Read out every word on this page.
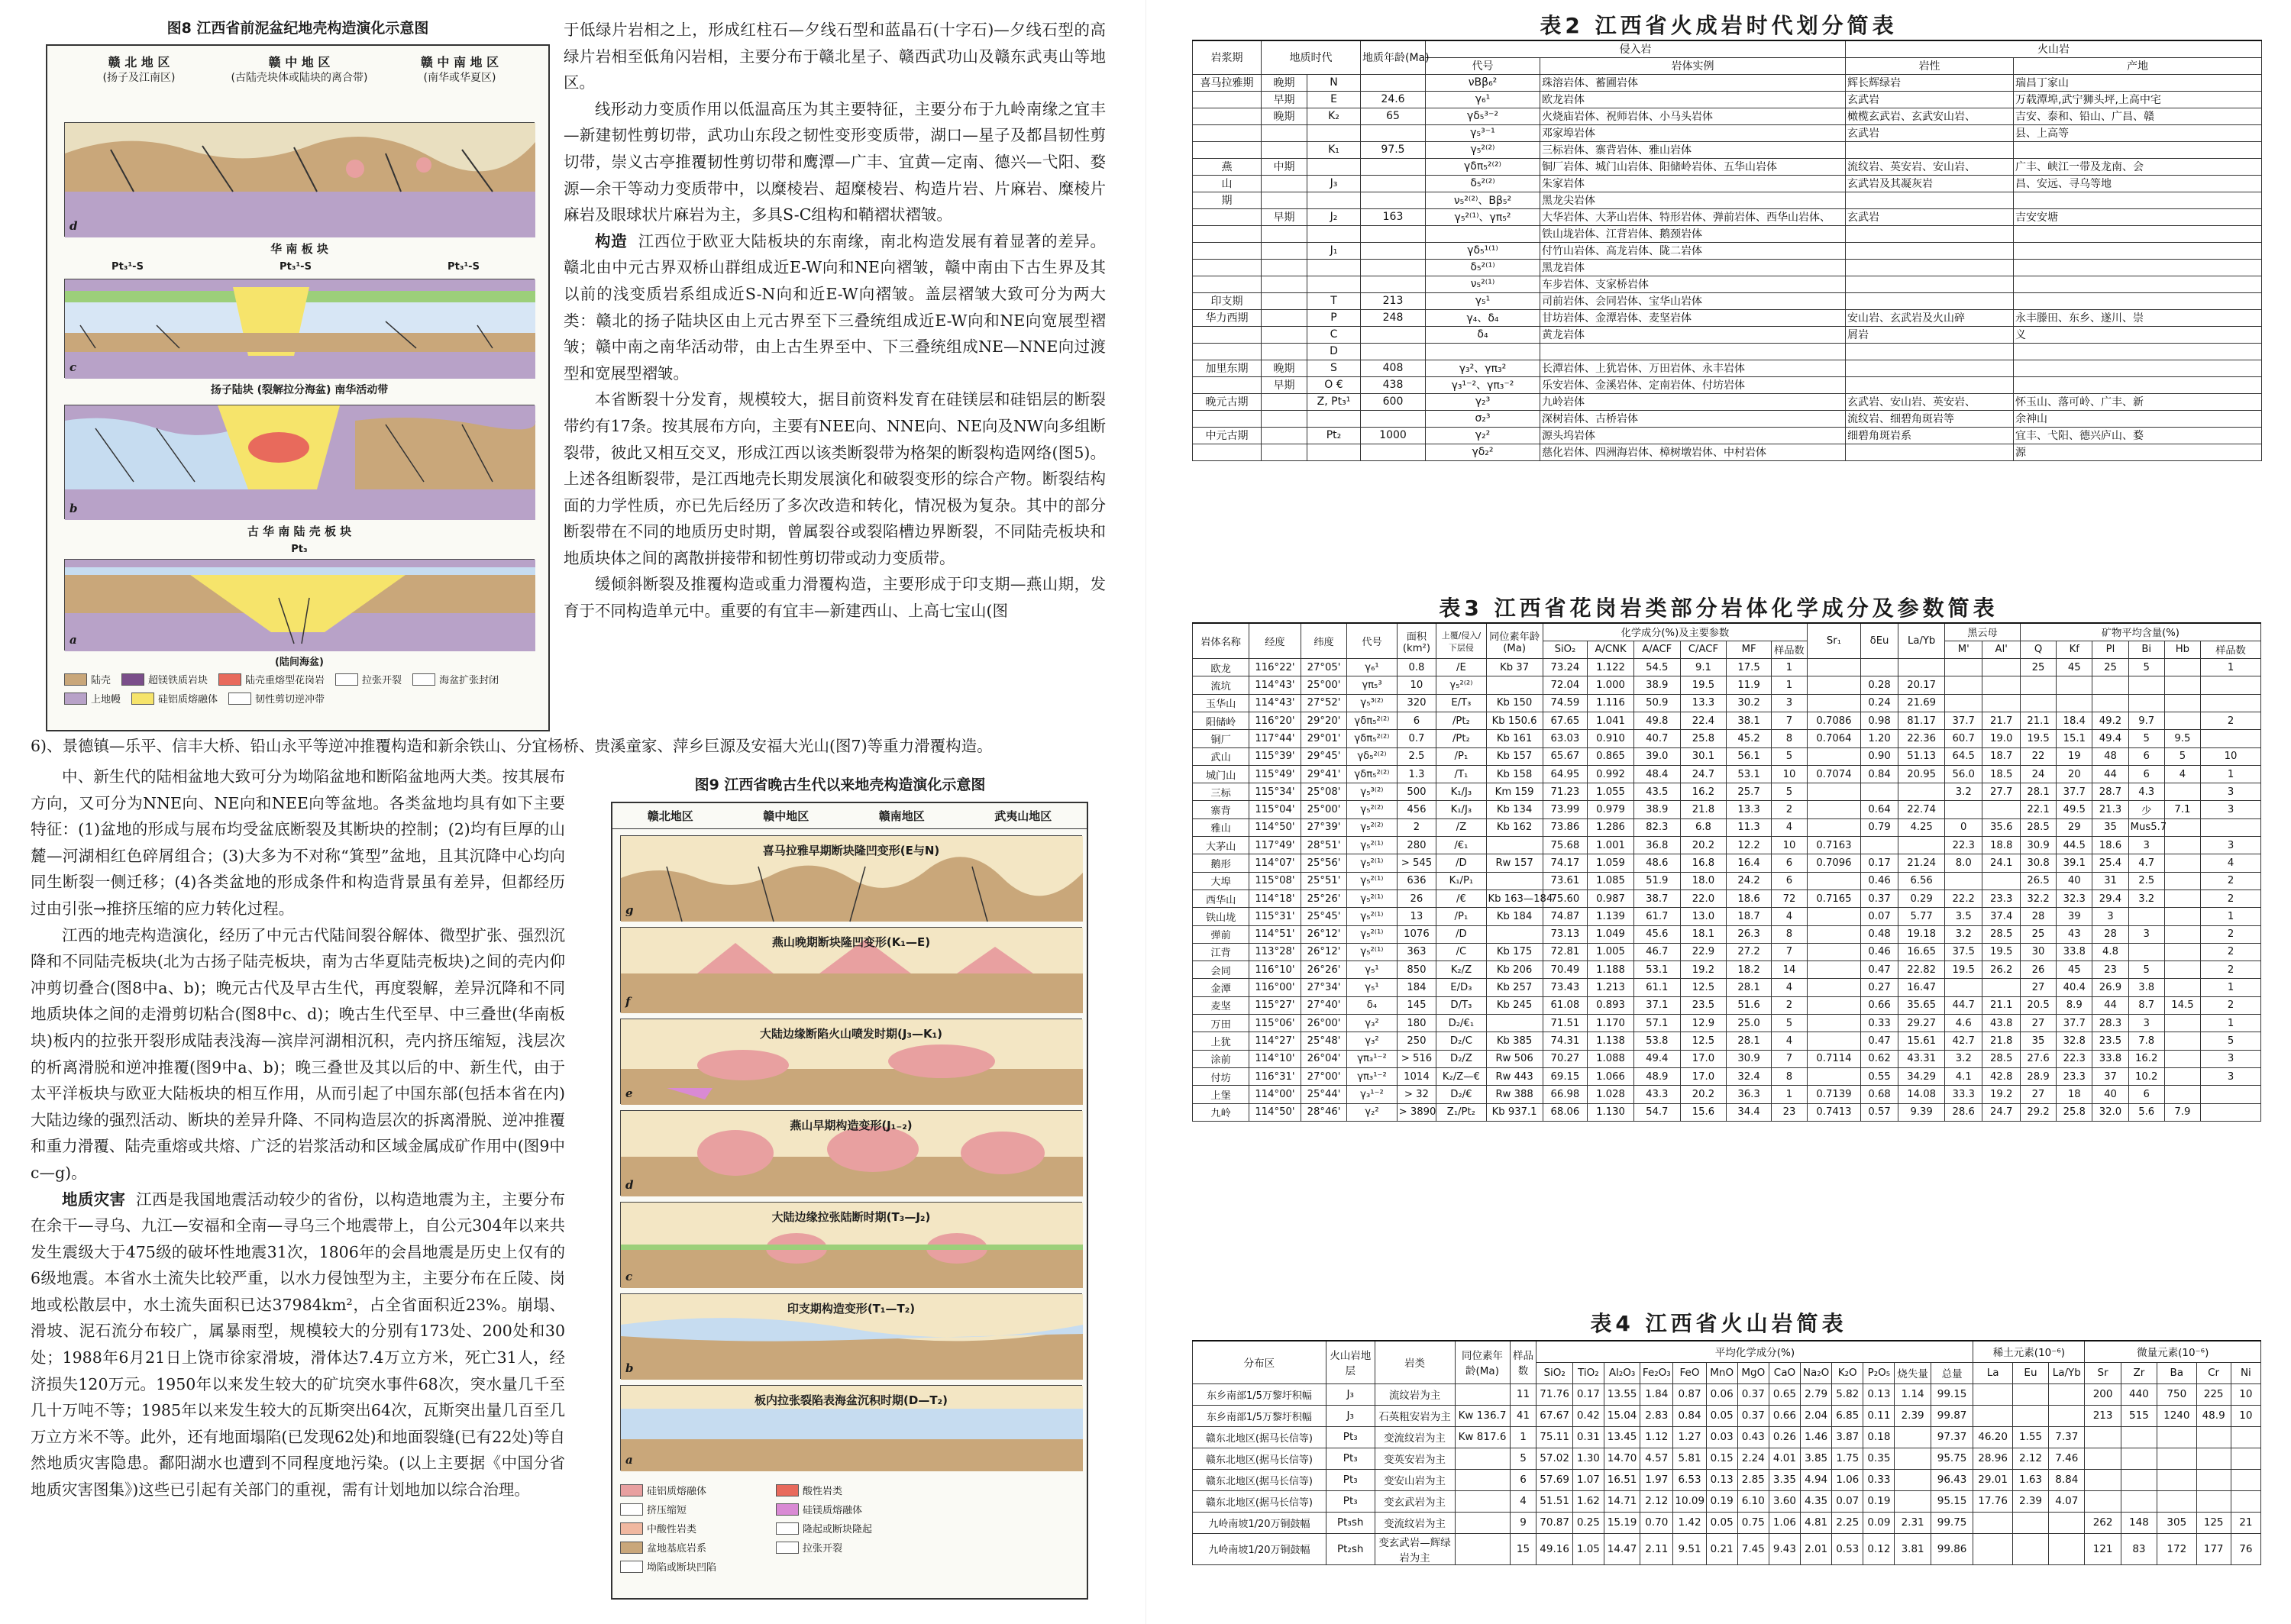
图8 江西省前泥盆纪地壳构造演化示意图
赣 北 地 区
(扬子及江南区)
赣 中 地 区
(古陆壳块体或陆块的离合带)
赣 中 南 地 区
(南华或华夏区)
d
华 南 板 块
Pt₃¹-S	Pt₃¹-S	Pt₃¹-S
c
扬子陆块 (裂解拉分海盆) 南华活动带
b
古 华 南 陆 壳 板 块
Pt₃
a
(陆间海盆)
陆壳	超镁铁质岩块	陆壳重熔型花岗岩	拉张开裂	海盆扩张封闭
上地幔	硅铝质熔融体	韧性剪切逆冲带

于低绿片岩相之上，形成红柱石—夕线石型和蓝晶石(十字石)—夕线石型的高绿片岩相至低角闪岩相，主要分布于赣北星子、赣西武功山及赣东武夷山等地区。

线形动力变质作用以低温高压为其主要特征，主要分布于九岭南缘之宜丰—新建韧性剪切带，武功山东段之韧性变形变质带，湖口—星子及都昌韧性剪切带，崇义古亭推覆韧性剪切带和鹰潭—广丰、宜黄—定南、德兴—弋阳、婺源—余干等动力变质带中，以糜棱岩、超糜棱岩、构造片岩、片麻岩、糜棱片麻岩及眼球状片麻岩为主，多具S-C组构和鞘褶状褶皱。

构造 江西位于欧亚大陆板块的东南缘，南北构造发展有着显著的差异。赣北由中元古界双桥山群组成近E-W向和NE向褶皱，赣中南由下古生界及其以前的浅变质岩系组成近S-N向和近E-W向褶皱。盖层褶皱大致可分为两大类：赣北的扬子陆块区由上元古界至下三叠统组成近E-W向和NE向宽展型褶皱；赣中南之南华活动带，由上古生界至中、下三叠统组成NE—NNE向过渡型和宽展型褶皱。

本省断裂十分发育，规模较大，据目前资料发育在硅镁层和硅铝层的断裂带约有17条。按其展布方向，主要有NEE向、NNE向、NE向及NW向多组断裂带，彼此又相互交叉，形成江西以该类断裂带为格架的断裂构造网络(图5)。上述各组断裂带，是江西地壳长期发展演化和破裂变形的综合产物。断裂结构面的力学性质，亦已先后经历了多次改造和转化，情况极为复杂。其中的部分断裂带在不同的地质历史时期，曾属裂谷或裂陷槽边界断裂，不同陆壳板块和地质块体之间的离散拼接带和韧性剪切带或动力变质带。

缓倾斜断裂及推覆构造或重力滑覆构造，主要形成于印支期—燕山期，发育于不同构造单元中。重要的有宜丰—新建西山、上高七宝山(图

6)、景德镇—乐平、信丰大桥、铅山永平等逆冲推覆构造和新余铁山、分宜杨桥、贵溪童家、萍乡巨源及安福大光山(图7)等重力滑覆构造。

中、新生代的陆相盆地大致可分为坳陷盆地和断陷盆地两大类。按其展布方向，又可分为NNE向、NE向和NEE向等盆地。各类盆地均具有如下主要特征：(1)盆地的形成与展布均受盆底断裂及其断块的控制；(2)均有巨厚的山麓—河湖相红色碎屑组合；(3)大多为不对称“箕型”盆地，且其沉降中心均向同生断裂一侧迁移；(4)各类盆地的形成条件和构造背景虽有差异，但都经历过由引张→推挤压缩的应力转化过程。

江西的地壳构造演化，经历了中元古代陆间裂谷解体、微型扩张、强烈沉降和不同陆壳板块(北为古扬子陆壳板块，南为古华夏陆壳板块)之间的壳内仰冲剪切叠合(图8中a、b)；晚元古代及早古生代，再度裂解，差异沉降和不同地质块体之间的走滑剪切粘合(图8中c、d)；晚古生代至早、中三叠世(华南板块)板内的拉张开裂形成陆表浅海—滨岸河湖相沉积，壳内挤压缩短，浅层次的析离滑脱和逆冲推覆(图9中a、b)；晚三叠世及其以后的中、新生代，由于太平洋板块与欧亚大陆板块的相互作用，从而引起了中国东部(包括本省在内)大陆边缘的强烈活动、断块的差异升降、不同构造层次的拆离滑脱、逆冲推覆和重力滑覆、陆壳重熔或共熔、广泛的岩浆活动和区域金属成矿作用中(图9中c—g)。

地质灾害 江西是我国地震活动较少的省份，以构造地震为主，主要分布在余干—寻乌、九江—安福和全南—寻乌三个地震带上，自公元304年以来共发生震级大于475级的破坏性地震31次，1806年的会昌地震是历史上仅有的6级地震。本省水土流失比较严重，以水力侵蚀型为主，主要分布在丘陵、岗地或松散层中，水土流失面积已达37984km²，占全省面积近23%。崩塌、滑坡、泥石流分布较广，属暴雨型，规模较大的分别有173处、200处和30处；1988年6月21日上饶市徐家滑坡，滑体达7.4万立方米，死亡31人，经济损失120万元。1950年以来发生较大的矿坑突水事件68次，突水量几千至几十万吨不等；1985年以来发生较大的瓦斯突出64次，瓦斯突出量几百至几万立方米不等。此外，还有地面塌陷(已发现62处)和地面裂缝(已有22处)等自然地质灾害隐患。鄱阳湖水也遭到不同程度地污染。(以上主要据《中国分省地质灾害图集》)这些已引起有关部门的重视，需有计划地加以综合治理。

图9 江西省晚古生代以来地壳构造演化示意图
赣北地区	赣中地区	赣南地区	武夷山地区
喜马拉雅早期断块隆凹变形(E与N)
g
燕山晚期断块隆凹变形(K₁—E)
f
大陆边缘断陷火山喷发时期(J₃—K₁)
e
燕山早期构造变形(J₁₋₂)
d
大陆边缘拉张陆断时期(T₃—J₂)
c
印支期构造变形(T₁—T₂)
b
板内拉张裂陷表海盆沉积时期(D—T₂)
a
硅铝质熔融体	酸性岩类
挤压缩短	硅镁质熔融体
中酸性岩类	隆起或断块隆起
盆地基底岩系	拉张开裂
坳陷或断块凹陷
表2 江西省火成岩时代划分简表
岩浆期	地质时代		地质年龄(Ma)	侵入岩		火山岩	
				代号	岩体实例	岩性	产地
喜马拉雅期	晚期	N		νBβ₆²	珠溶岩体、蓄圃岩体	辉长辉绿岩	瑞昌丁家山
	早期	E	24.6	γ₆¹	欧龙岩体	玄武岩	万载潭埠,武宁狮头坪,上高中宅
	晚期	K₂	65	γδ₅³⁻²	火烧庙岩体、祝师岩体、小马头岩体	橄榄玄武岩、玄武安山岩、	吉安、泰和、铅山、广昌、赣
				γ₅³⁻¹	邓家埠岩体	玄武岩	县、上高等
		K₁	97.5	γ₅²⁽²⁾	三标岩体、寨背岩体、雅山岩体		
燕	中期			γδπ₅²⁽²⁾	铜厂岩体、城门山岩体、阳储岭岩体、五华山岩体	流纹岩、英安岩、安山岩、	广丰、峡江一带及龙南、会
山		J₃		δ₅²⁽²⁾	朱家岩体	玄武岩及其凝灰岩	昌、安远、寻乌等地
期				ν₅²⁽²⁾、Bβ₅²	黑龙尖岩体		
	早期	J₂	163	γ₅²⁽¹⁾、γπ₅²	大华岩体、大茅山岩体、特形岩体、弹前岩体、西华山岩体、	玄武岩	吉安安塘
					铁山垅岩体、江背岩体、鹅颈岩体		
		J₁		γδ₅¹⁽¹⁾	付竹山岩体、高龙岩体、陇二岩体		
				δ₅²⁽¹⁾	黑龙岩体		
				ν₅²⁽¹⁾	车步岩体、支家桥岩体		
印支期		T	213	γ₅¹	司前岩体、会同岩体、宝华山岩体		
华力西期		P	248	γ₄、δ₄	甘坊岩体、金潭岩体、麦坚岩体	安山岩、玄武岩及火山碎	永丰滕田、东乡、遂川、崇
		C		δ₄	黄龙岩体	屑岩	义
		D					
加里东期	晚期	S	408	γ₃²、γπ₃²	长潭岩体、上犹岩体、万田岩体、永丰岩体		
	早期	O €	438	γ₃¹⁻²、γπ₃⁻²	乐安岩体、金溪岩体、定南岩体、付坊岩体		
晚元古期		Z, Pt₃¹	600	γ₂³	九岭岩体	玄武岩、安山岩、英安岩、	怀玉山、落可岭、广丰、新
				σ₂³	深树岩体、古桥岩体	流纹岩、细碧角斑岩等	余神山
中元古期		Pt₂	1000	γ₂²	源头坞岩体	细碧角斑岩系	宜丰、弋阳、德兴庐山、婺
				γδ₂²	慈化岩体、四洲海岩体、樟树墩岩体、中村岩体		源
表3 江西省花岗岩类部分岩体化学成分及参数简表
岩体名称	经度	纬度	代号	面积(km²)	上覆/侵入/下层侵	同位素年龄(Ma)	化学成分(%)及主要参数						Sr₁	δEu	La/Yb	黑云母		矿物平均含量(%)					
							SiO₂	A/CNK	A/ACF	C/ACF	MF	样品数				M'	Al'	Q	Kf	Pl	Bi	Hb	样品数
欧龙	116°22'	27°05'	γ₆¹	0.8	/E	Kb 37	73.24	1.122	54.5	9.1	17.5	1						25	45	25	5		1
流坑	114°43'	25°00'	γπ₅³	10	γ₅²⁽²⁾		72.04	1.000	38.9	19.5	11.9	1		0.28	20.17								
玉华山	114°43'	27°52'	γ₅³⁽²⁾	320	E/T₃	Kb 150	74.59	1.116	50.9	13.3	30.2	3		0.24	21.69								
阳储岭	116°20'	29°20'	γδπ₅²⁽²⁾	6	/Pt₂	Kb 150.6	67.65	1.041	49.8	22.4	38.1	7	0.7086	0.98	81.17	37.7	21.7	21.1	18.4	49.2	9.7		2
铜厂	117°44'	29°01'	γδπ₅²⁽²⁾	0.7	/Pt₂	Kb 161	63.03	0.910	40.7	25.8	45.2	8	0.7064	1.20	22.36	60.7	19.0	19.5	15.1	49.4	5	9.5	
武山	115°39'	29°45'	γδ₅²⁽²⁾	2.5	/P₁	Kb 157	65.67	0.865	39.0	30.1	56.1	5		0.90	51.13	64.5	18.7	22	19	48	6	5	10
城门山	115°49'	29°41'	γδπ₅²⁽²⁾	1.3	/T₁	Kb 158	64.95	0.992	48.4	24.7	53.1	10	0.7074	0.84	20.95	56.0	18.5	24	20	44	6	4	1
三标	115°34'	25°08'	γ₅³⁽²⁾	500	K₁/J₃	Km 159	71.23	1.055	43.5	16.2	25.7	5				3.2	27.7	28.1	37.7	28.7	4.3		3
寨背	115°04'	25°00'	γ₅²⁽²⁾	456	K₁/J₃	Kb 134	73.99	0.979	38.9	21.8	13.3	2		0.64	22.74			22.1	49.5	21.3	少	7.1	3
雅山	114°50'	27°39'	γ₅²⁽²⁾	2	/Z	Kb 162	73.86	1.286	82.3	6.8	11.3	4		0.79	4.25	0	35.6	28.5	29	35	Mus5.7		
大茅山	117°49'	28°51'	γ₅²⁽¹⁾	280	/€₁		75.68	1.001	36.8	20.2	12.2	10	0.7163			22.3	18.8	30.9	44.5	18.6	3		3
鹅形	114°07'	25°56'	γ₅²⁽¹⁾	> 545	/D	Rw 157	74.17	1.059	48.6	16.8	16.4	6	0.7096	0.17	21.24	8.0	24.1	30.8	39.1	25.4	4.7		4
大埠	115°08'	25°51'	γ₅²⁽¹⁾	636	K₁/P₁		73.61	1.085	51.9	18.0	24.2	6		0.46	6.56			26.5	40	31	2.5		2
西华山	114°18'	25°26'	γ₅²⁽¹⁾	26	/€	Kb 163—184	75.60	0.987	38.7	22.0	18.6	72	0.7165	0.37	0.29	22.2	23.3	32.2	32.3	29.4	3.2		2
铁山垅	115°31'	25°45'	γ₅²⁽¹⁾	13	/P₁	Kb 184	74.87	1.139	61.7	13.0	18.7	4		0.07	5.77	3.5	37.4	28	39	3			1
弹前	114°51'	26°12'	γ₅²⁽¹⁾	1076	/D		73.13	1.049	45.6	18.1	26.3	8		0.48	19.18	3.2	28.5	25	43	28	3		2
江背	113°28'	26°12'	γ₅²⁽¹⁾	363	/C	Kb 175	72.81	1.005	46.7	22.9	27.2	7		0.46	16.65	37.5	19.5	30	33.8	4.8			2
会同	116°10'	26°26'	γ₅¹	850	K₂/Z	Kb 206	70.49	1.188	53.1	19.2	18.2	14		0.47	22.82	19.5	26.2	26	45	23	5		2
金潭	116°00'	27°34'	γ₅¹	184	E/D₃	Kb 257	73.43	1.213	61.1	12.5	28.1	4		0.27	16.47			27	40.4	26.9	3.8		1
麦坚	115°27'	27°40'	δ₄	145	D/T₃	Kb 245	61.08	0.893	37.1	23.5	51.6	2		0.66	35.65	44.7	21.1	20.5	8.9	44	8.7	14.5	2
万田	115°06'	26°00'	γ₃²	180	D₂/€₁		71.51	1.170	57.1	12.9	25.0	5		0.33	29.27	4.6	43.8	27	37.7	28.3	3		1
上犹	114°27'	25°48'	γ₃²	250	D₂/C	Kb 385	74.31	1.138	53.8	12.5	28.1	4		0.47	15.61	42.7	21.8	35	32.8	23.5	7.8		5
涂前	114°10'	26°04'	γπ₃¹⁻²	> 516	D₂/Z	Rw 506	70.27	1.088	49.4	17.0	30.9	7	0.7114	0.62	43.31	3.2	28.5	27.6	22.3	33.8	16.2		3
付坊	116°31'	27°00'	γπ₃¹⁻²	1014	K₂/Z—€	Rw 443	69.15	1.066	48.9	17.0	32.4	8		0.55	34.29	4.1	42.8	28.9	23.3	37	10.2		3
上堡	114°00'	25°44'	γ₃¹⁻²	> 32	D₂/€	Rw 388	66.98	1.028	43.3	20.2	36.3	1	0.7139	0.68	14.08	33.3	19.2	27	18	40	6		
九岭	114°50'	28°46'	γ₂²	> 3890	Z₁/Pt₂	Kb 937.1	68.06	1.130	54.7	15.6	34.4	23	0.7413	0.57	9.39	28.6	24.7	29.2	25.8	32.0	5.6	7.9	
表4 江西省火山岩简表
分布区	火山岩地层	岩类	同位素年龄(Ma)	样品数	平均化学成分(%)													稀土元素(10⁻⁶)			微量元素(10⁻⁶)				
					SiO₂	TiO₂	Al₂O₃	Fe₂O₃	FeO	MnO	MgO	CaO	Na₂O	K₂O	P₂O₅	烧失量	总量	La	Eu	La/Yb	Sr	Zr	Ba	Cr	Ni
东乡南部1/5万黎圩积幅	J₃	流纹岩为主		11	71.76	0.17	13.55	1.84	0.87	0.06	0.37	0.65	2.79	5.82	0.13	1.14	99.15				200	440	750	225	10
东乡南部1/5万黎圩积幅	J₃	石英粗安岩为主	Kw 136.7	41	67.67	0.42	15.04	2.83	0.84	0.05	0.37	0.66	2.04	6.85	0.11	2.39	99.87				213	515	1240	48.9	10
赣东北地区(据马长信等)	Pt₃	变流纹岩为主	Kw 817.6	1	75.11	0.31	13.45	1.12	1.27	0.03	0.43	0.26	1.46	3.87	0.18		97.37	46.20	1.55	7.37					
赣东北地区(据马长信等)	Pt₃	变英安岩为主		5	57.02	1.30	14.70	4.57	5.81	0.15	2.24	4.01	3.85	1.75	0.35		95.75	28.96	2.12	7.46					
赣东北地区(据马长信等)	Pt₃	变安山岩为主		6	57.69	1.07	16.51	1.97	6.53	0.13	2.85	3.35	4.94	1.06	0.33		96.43	29.01	1.63	8.84					
赣东北地区(据马长信等)	Pt₃	变玄武岩为主		4	51.51	1.62	14.71	2.12	10.09	0.19	6.10	3.60	4.35	0.07	0.19		95.15	17.76	2.39	4.07					
九岭南坡1/20万铜鼓幅	Pt₃sh	变流纹岩为主		9	70.87	0.25	15.19	0.70	1.42	0.05	0.75	1.06	4.81	2.25	0.09	2.31	99.75				262	148	305	125	21
九岭南坡1/20万铜鼓幅	Pt₂sh	变玄武岩—辉绿岩为主		15	49.16	1.05	14.47	2.11	9.51	0.21	7.45	9.43	2.01	0.53	0.12	3.81	99.86				121	83	172	177	76
